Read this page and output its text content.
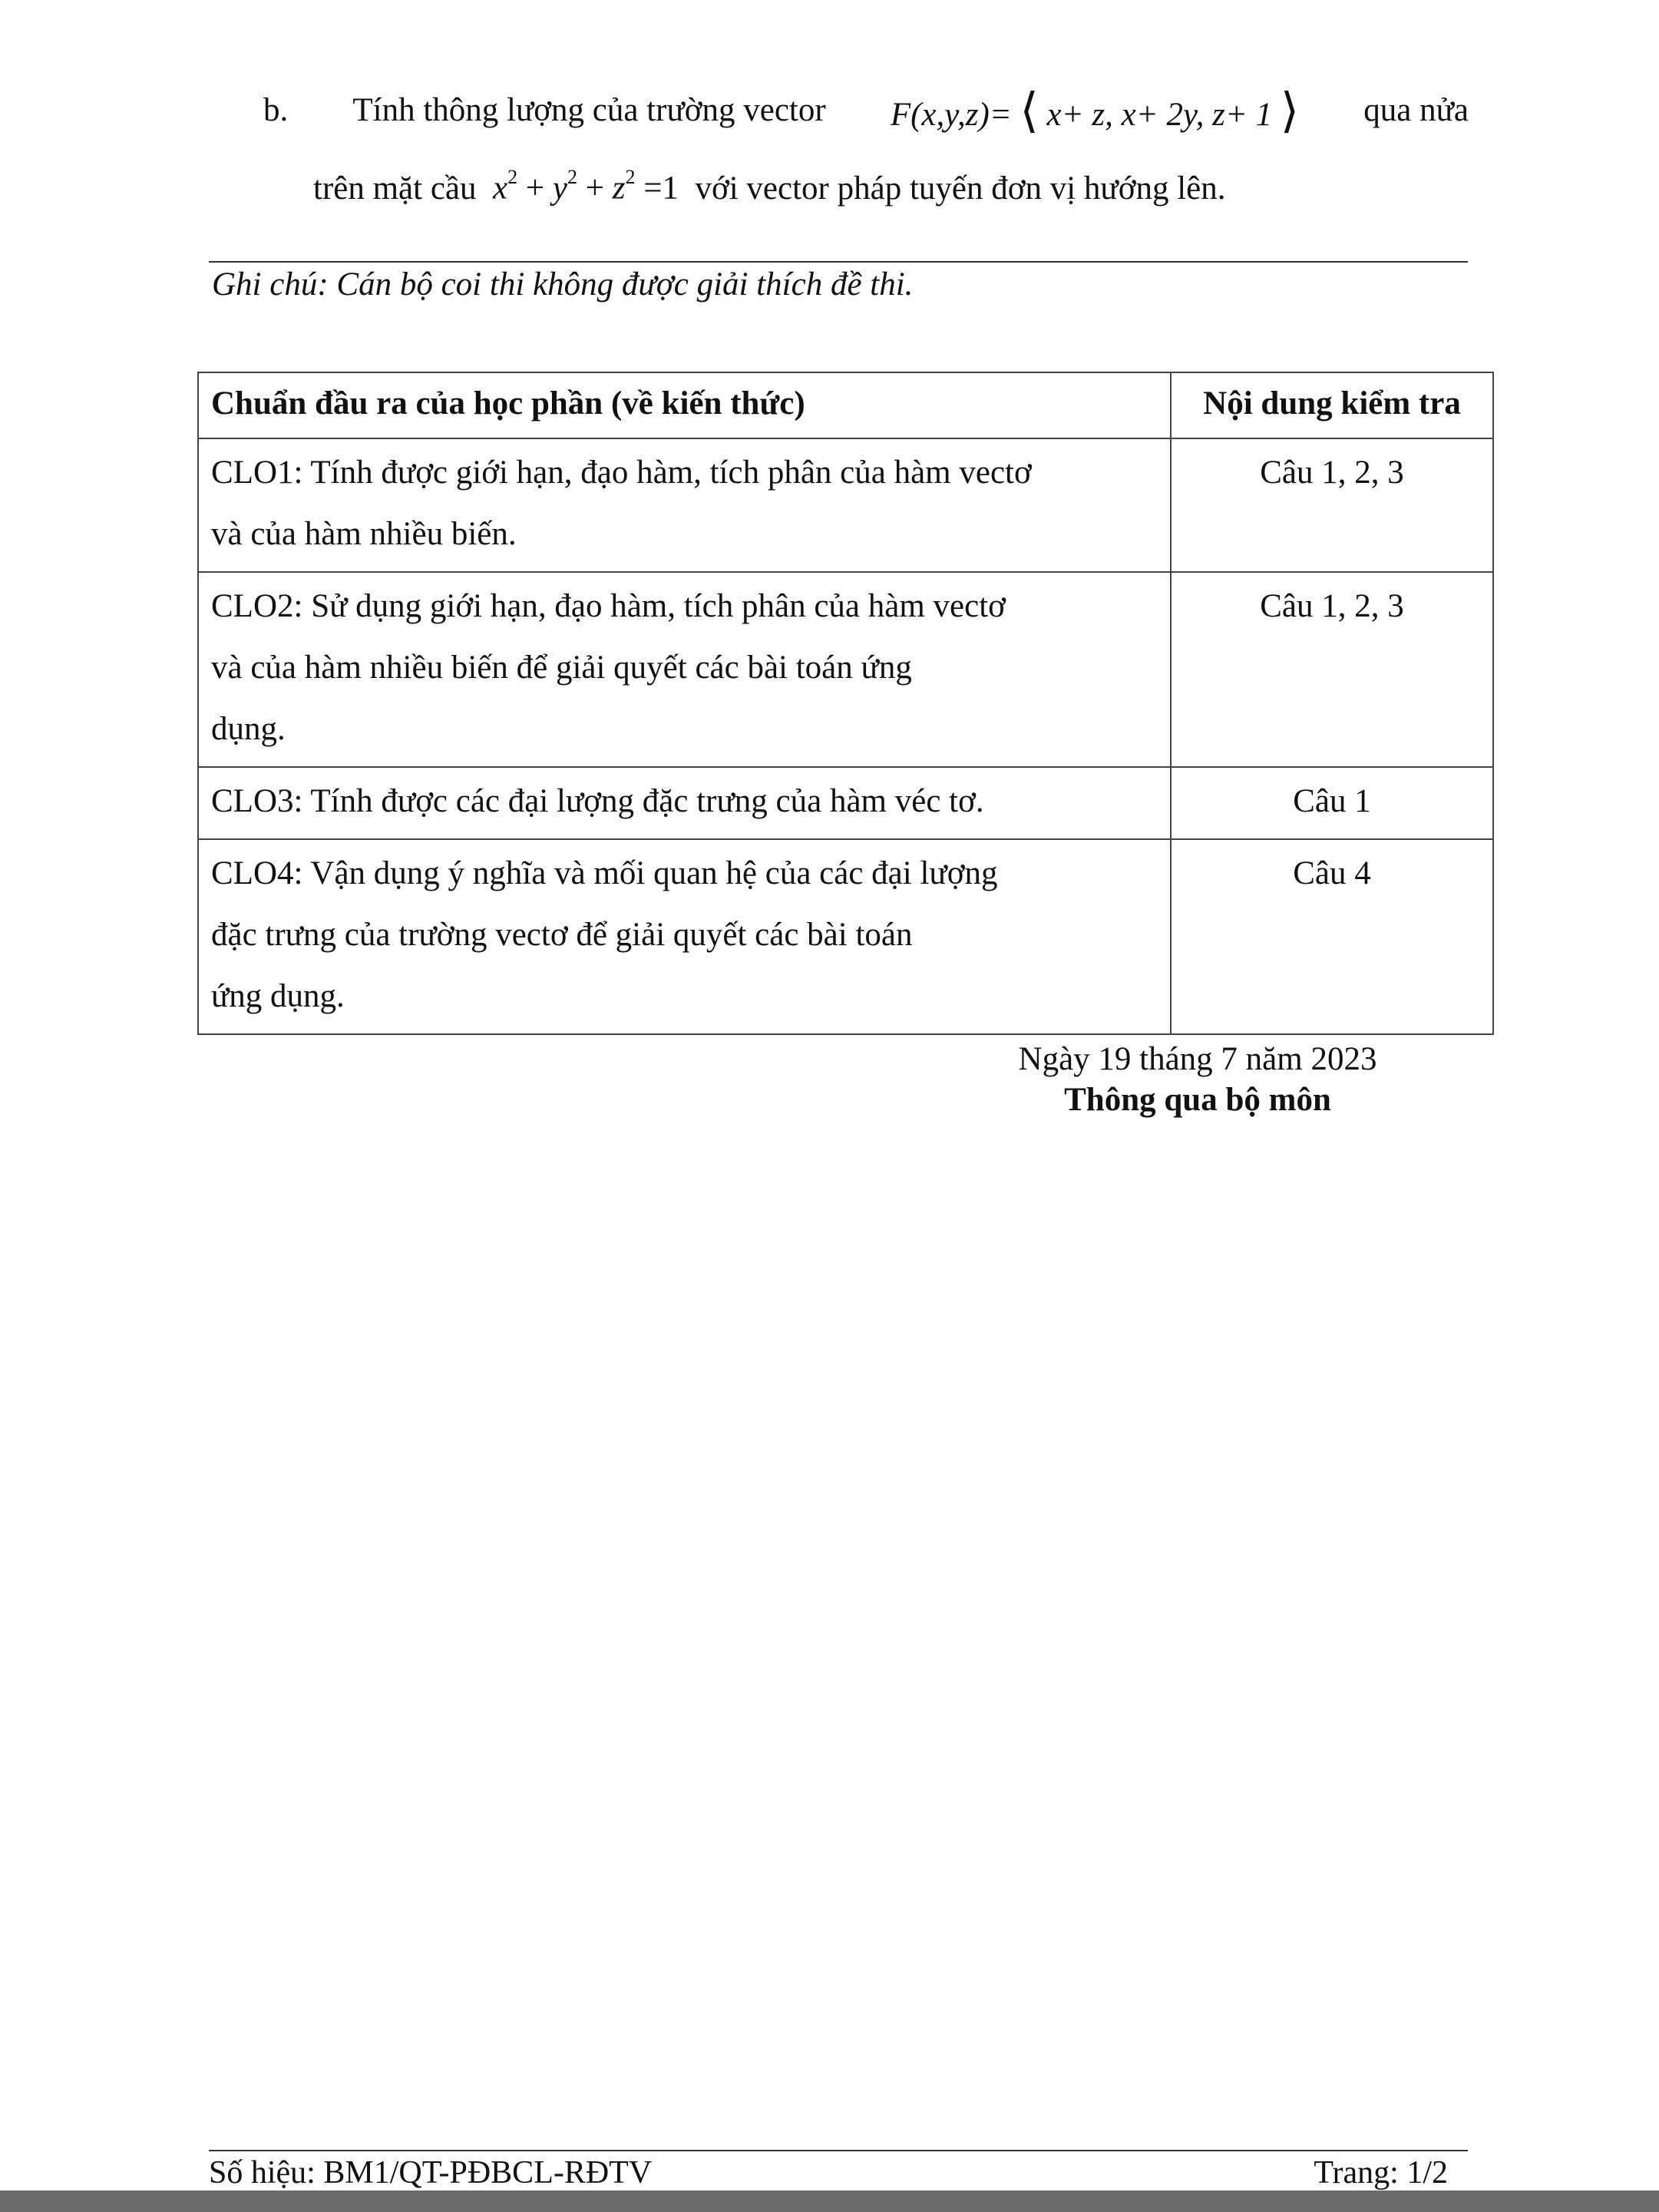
b. Tính thông lượng của trường vector F(x,y,z)= ⟨ x+ z, x+ 2y, z+ 1 ⟩ qua nửa
trên mặt cầu
$x^2 + y^2 + z^2 =1$
với vector pháp tuyến đơn vị hướng lên.
Ghi chú: Cán bộ coi thi không được giải thích đề thi.
Chuẩn đầu ra của học phần (về kiến thức)	Nội dung kiểm tra

CLO1: Tính được giới hạn, đạo hàm, tích phân của hàm vectơ
và của hàm nhiều biến.	Câu 1, 2, 3

CLO2: Sử dụng giới hạn, đạo hàm, tích phân của hàm vectơ
và của hàm nhiều biến để giải quyết các bài toán ứng
dụng.	Câu 1, 2, 3

CLO3: Tính được các đại lượng đặc trưng của hàm véc tơ.	Câu 1

CLO4: Vận dụng ý nghĩa và mối quan hệ của các đại lượng
đặc trưng của trường vectơ để giải quyết các bài toán
ứng dụng.	Câu 4
Ngày 19 tháng 7 năm 2023
Thông qua bộ môn
Số hiệu: BM1/QT-PĐBCL-RĐTV	Trang: 1/2
